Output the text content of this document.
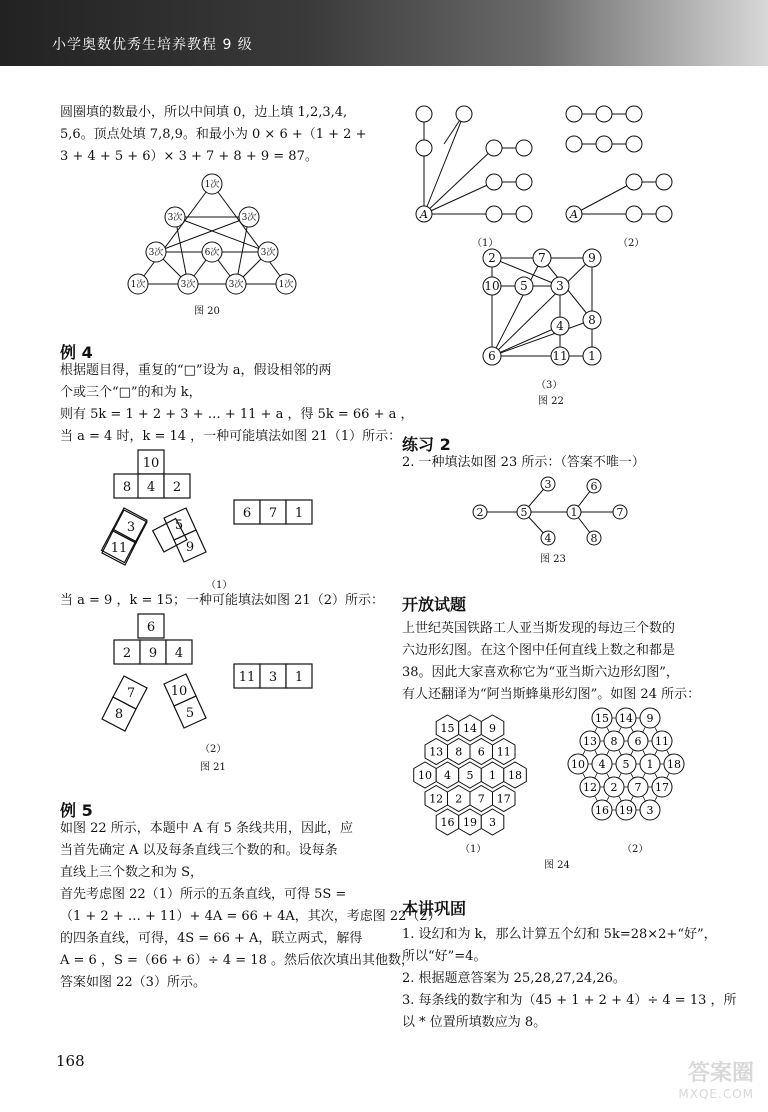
小学奥数优秀生培养教程 9 级
圆圈填的数最小，所以中间填 0，边上填 1,2,3,4,
5,6。顶点处填 7,8,9。和最小为 0 × 6 +（1 + 2 +
3 + 4 + 5 + 6）× 3 + 7 + 8 + 9 = 87。
1次
3次	3次
3次	6次	3次
1次	3次	3次	1次
图 20
例 4
根据题目得，重复的“□”设为 a，假设相邻的两
个或三个“□”的和为 k，
则有 5k = 1 + 2 + 3 + … + 11 + a ，得 5k = 66 + a ，
当 a = 4 时，k = 14 ，一种可能填法如图 21（1）所示：
10
8 4 2
6 7 1
3
11
5
9
（1）
当 a = 9 ，k = 15；一种可能填法如图 21（2）所示：
6
2 9 4
11 3 1
7
8
10
5
（2）
图 21
例 5
如图 22 所示，本题中 A 有 5 条线共用，因此，应
当首先确定 A 以及每条直线三个数的和。设每条
直线上三个数之和为 S，
首先考虑图 22（1）所示的五条直线，可得 5S =
（1 + 2 + … + 11）+ 4A = 66 + 4A，其次，考虑图 22（2）
的四条直线，可得，4S = 66 + A，联立两式，解得
A = 6 ，S =（66 + 6）÷ 4 = 18 。然后依次填出其他数，
答案如图 22（3）所示。
168
A
（1）
A
（2）
2	7	9
10 5 3
8
4
6	11 1
（3）
图 22
练习 2
2. 一种填法如图 23 所示：（答案不唯一）
2	5
3
4
1
6
7
8
图 23
开放试题
上世纪英国铁路工人亚当斯发现的每边三个数的
六边形幻图。在这个图中任何直线上数之和都是
38。因此大家喜欢称它为“亚当斯六边形幻图”，
有人还翻译为“阿当斯蜂巢形幻图”。如图 24 所示：
15 14 9
13 8 6 11
10 4 5 1 18
12 2 7 17
16 19 3
15 14 9
13 8 6 11
10 4 5 1 18
12 2 7 17
16 19 3
（1）	（2）
图 24
本讲巩固
1. 设幻和为 k，那么计算五个幻和 5k=28×2+“好”，
所以“好”=4。
2. 根据题意答案为 25,28,27,24,26。
3. 每条线的数字和为（45 + 1 + 2 + 4）÷ 4 = 13 ，所
以 * 位置所填数应为 8。
答案圈
MXQE.COM
